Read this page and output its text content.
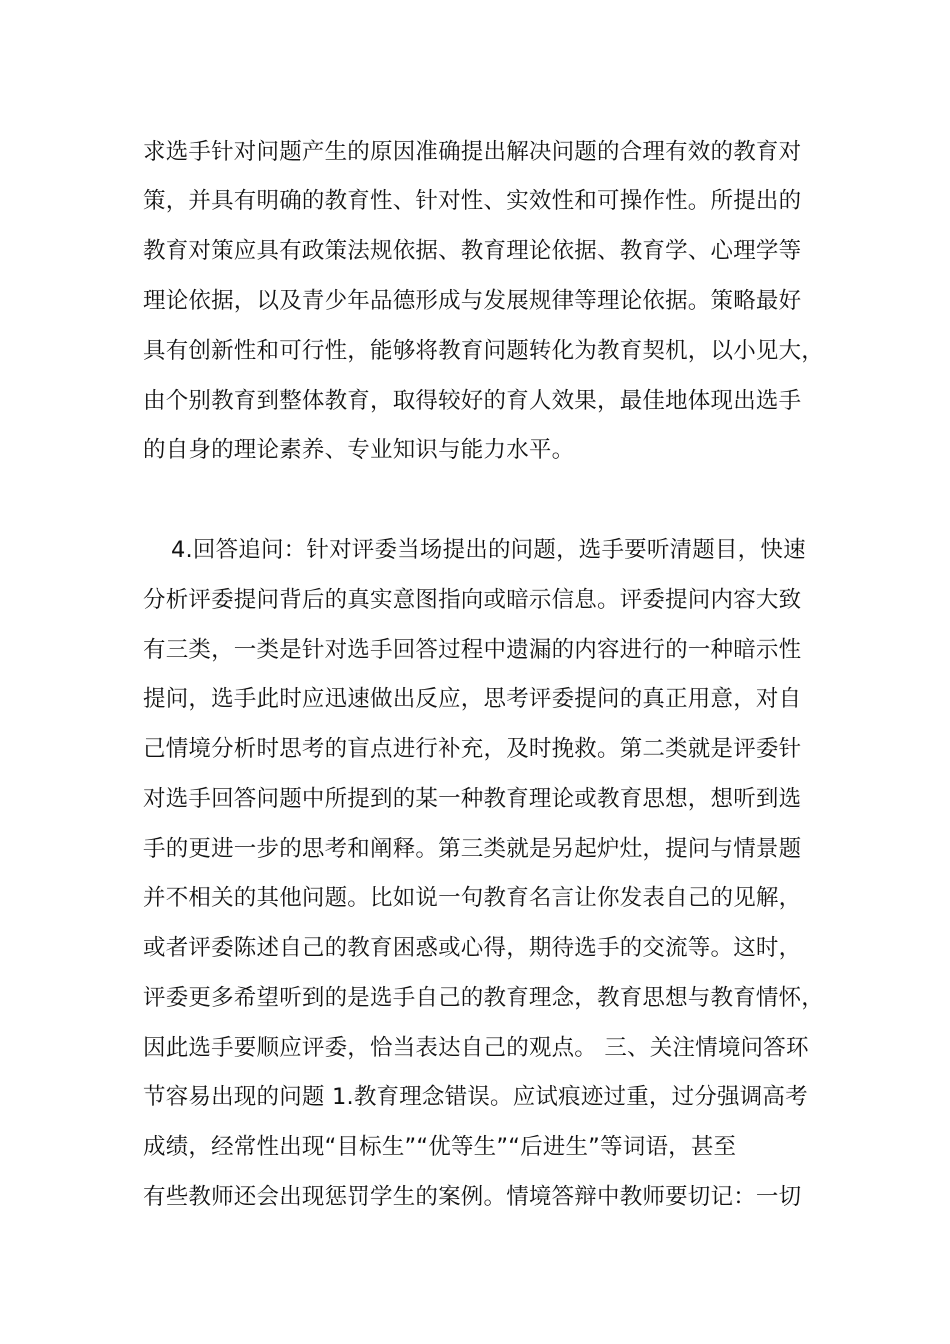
求选手针对问题产生的原因准确提出解决问题的合理有效的教育对
策，并具有明确的教育性、针对性、实效性和可操作性。所提出的
教育对策应具有政策法规依据、教育理论依据、教育学、心理学等
理论依据，以及青少年品德形成与发展规律等理论依据。策略最好
具有创新性和可行性，能够将教育问题转化为教育契机，以小见大，
由个别教育到整体教育，取得较好的育人效果，最佳地体现出选手
的自身的理论素养、专业知识与能力水平。
4.回答追问：针对评委当场提出的问题，选手要听清题目，快速
分析评委提问背后的真实意图指向或暗示信息。评委提问内容大致
有三类，一类是针对选手回答过程中遗漏的内容进行的一种暗示性
提问，选手此时应迅速做出反应，思考评委提问的真正用意，对自
己情境分析时思考的盲点进行补充，及时挽救。第二类就是评委针
对选手回答问题中所提到的某一种教育理论或教育思想，想听到选
手的更进一步的思考和阐释。第三类就是另起炉灶，提问与情景题
并不相关的其他问题。比如说一句教育名言让你发表自己的见解，
或者评委陈述自己的教育困惑或心得，期待选手的交流等。这时，
评委更多希望听到的是选手自己的教育理念，教育思想与教育情怀，
因此选手要顺应评委，恰当表达自己的观点。 三、关注情境问答环
节容易出现的问题 1.教育理念错误。应试痕迹过重，过分强调高考
成绩，经常性出现“目标生”“优等生”“后进生”等词语，甚至
有些教师还会出现惩罚学生的案例。情境答辩中教师要切记：一切
